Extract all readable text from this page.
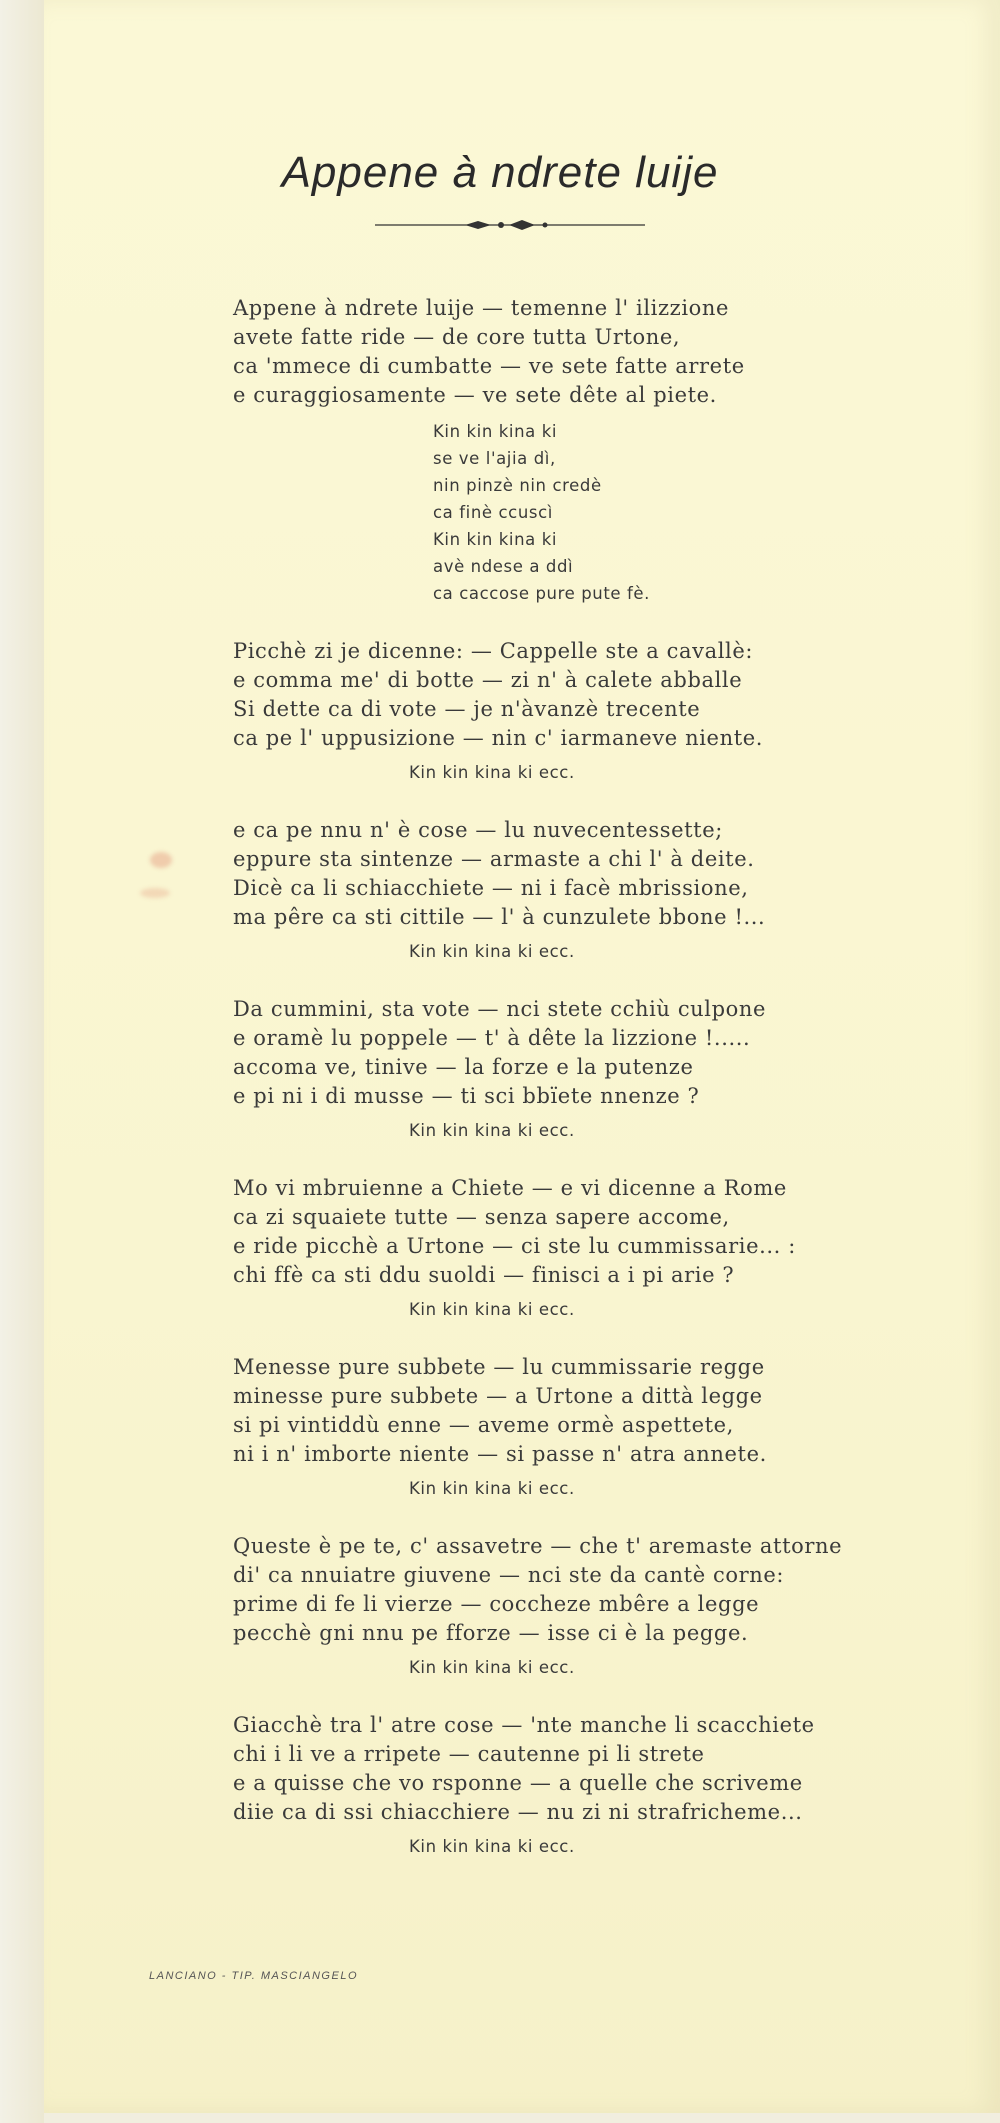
Appene à ndrete luije
Appene à ndrete luije — temenne l' ilizzione
avete fatte ride — de core tutta Urtone,
ca 'mmece di cumbatte — ve sete fatte arrete
e curaggiosamente — ve sete dête al piete.
Kin kin kina ki
se ve l'ajia dì,
nin pinzè nin credè
ca finè ccuscì
Kin kin kina ki
avè ndese a ddì
ca caccose pure pute fè.
Picchè zi je dicenne: — Cappelle ste a cavallè:
e comma me' di botte — zi n' à calete abballe
Si dette ca di vote — je n'àvanzè trecente
ca pe l' uppusizione — nin c' iarmaneve niente.
Kin kin kina ki ecc.
e ca pe nnu n' è cose — lu nuvecentessette;
eppure sta sintenze — armaste a chi l' à deite.
Dicè ca li schiacchiete — ni i facè mbrissione,
ma pêre ca sti cittile — l' à cunzulete bbone !...
Kin kin kina ki ecc.
Da cummini, sta vote — nci stete cchiù culpone
e oramè lu poppele — t' à dête la lizzione !.....
accoma ve, tinive — la forze e la putenze
e pi ni i di musse — ti sci bbïete nnenze ?
Kin kin kina ki ecc.
Mo vi mbruienne a Chiete — e vi dicenne a Rome
ca zi squaiete tutte — senza sapere accome,
e ride picchè a Urtone — ci ste lu cummissarie... :
chi ffè ca sti ddu suoldi — finisci a i pi arie ?
Kin kin kina ki ecc.
Menesse pure subbete — lu cummissarie regge
minesse pure subbete — a Urtone a dittà legge
si pi vintiddù enne — aveme ormè aspettete,
ni i n' imborte niente — si passe n' atra annete.
Kin kin kina ki ecc.
Queste è pe te, c' assavetre — che t' aremaste attorne
di' ca nnuiatre giuvene — nci ste da cantè corne:
prime di fe li vierze — coccheze mbêre a legge
pecchè gni nnu pe fforze — isse ci è la pegge.
Kin kin kina ki ecc.
Giacchè tra l' atre cose — 'nte manche li scacchiete
chi i li ve a rripete — cautenne pi li strete
e a quisse che vo rsponne — a quelle che scriveme
diie ca di ssi chiacchiere — nu zi ni strafricheme...
Kin kin kina ki ecc.
LANCIANO - TIP. MASCIANGELO
